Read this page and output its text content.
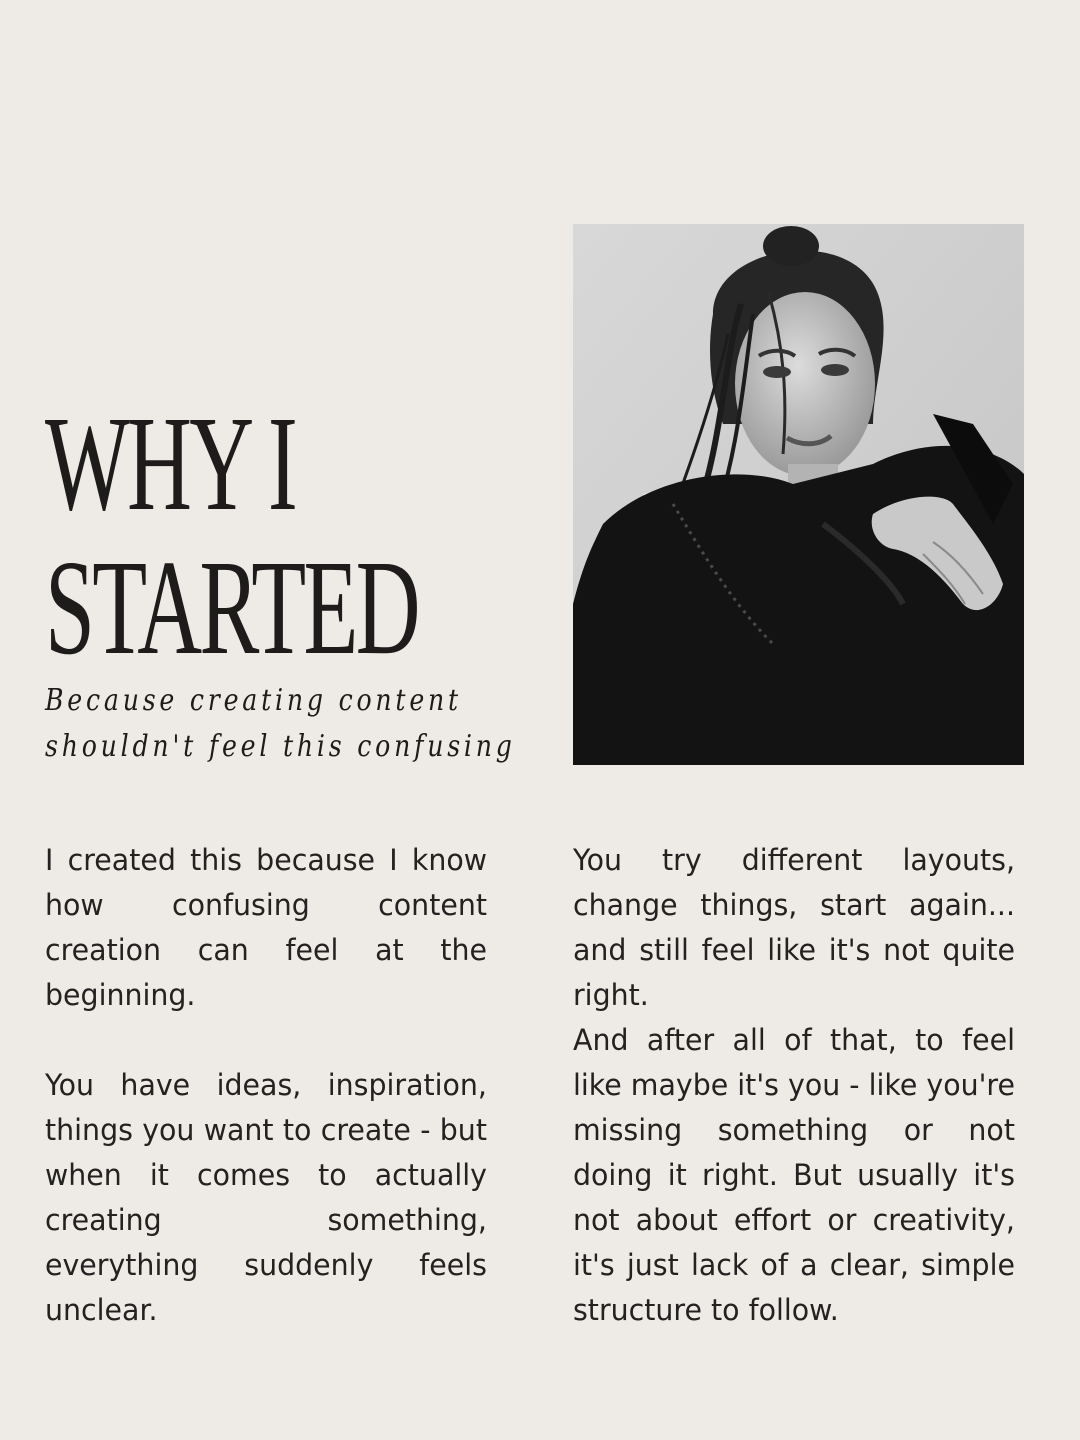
WHY I
STARTED

Because creating content
shouldn't feel this confusing

I created this because I know how confusing content creation can feel at the beginning.

You have ideas, inspiration, things you want to create - but when it comes to actually creating something, everything suddenly feels unclear.

You try different layouts, change things, start again... and still feel like it's not quite right.

And after all of that, to feel like maybe it's you - like you're missing something or not doing it right. But usually it's not about effort or creativity, it's just lack of a clear, simple structure to follow.
